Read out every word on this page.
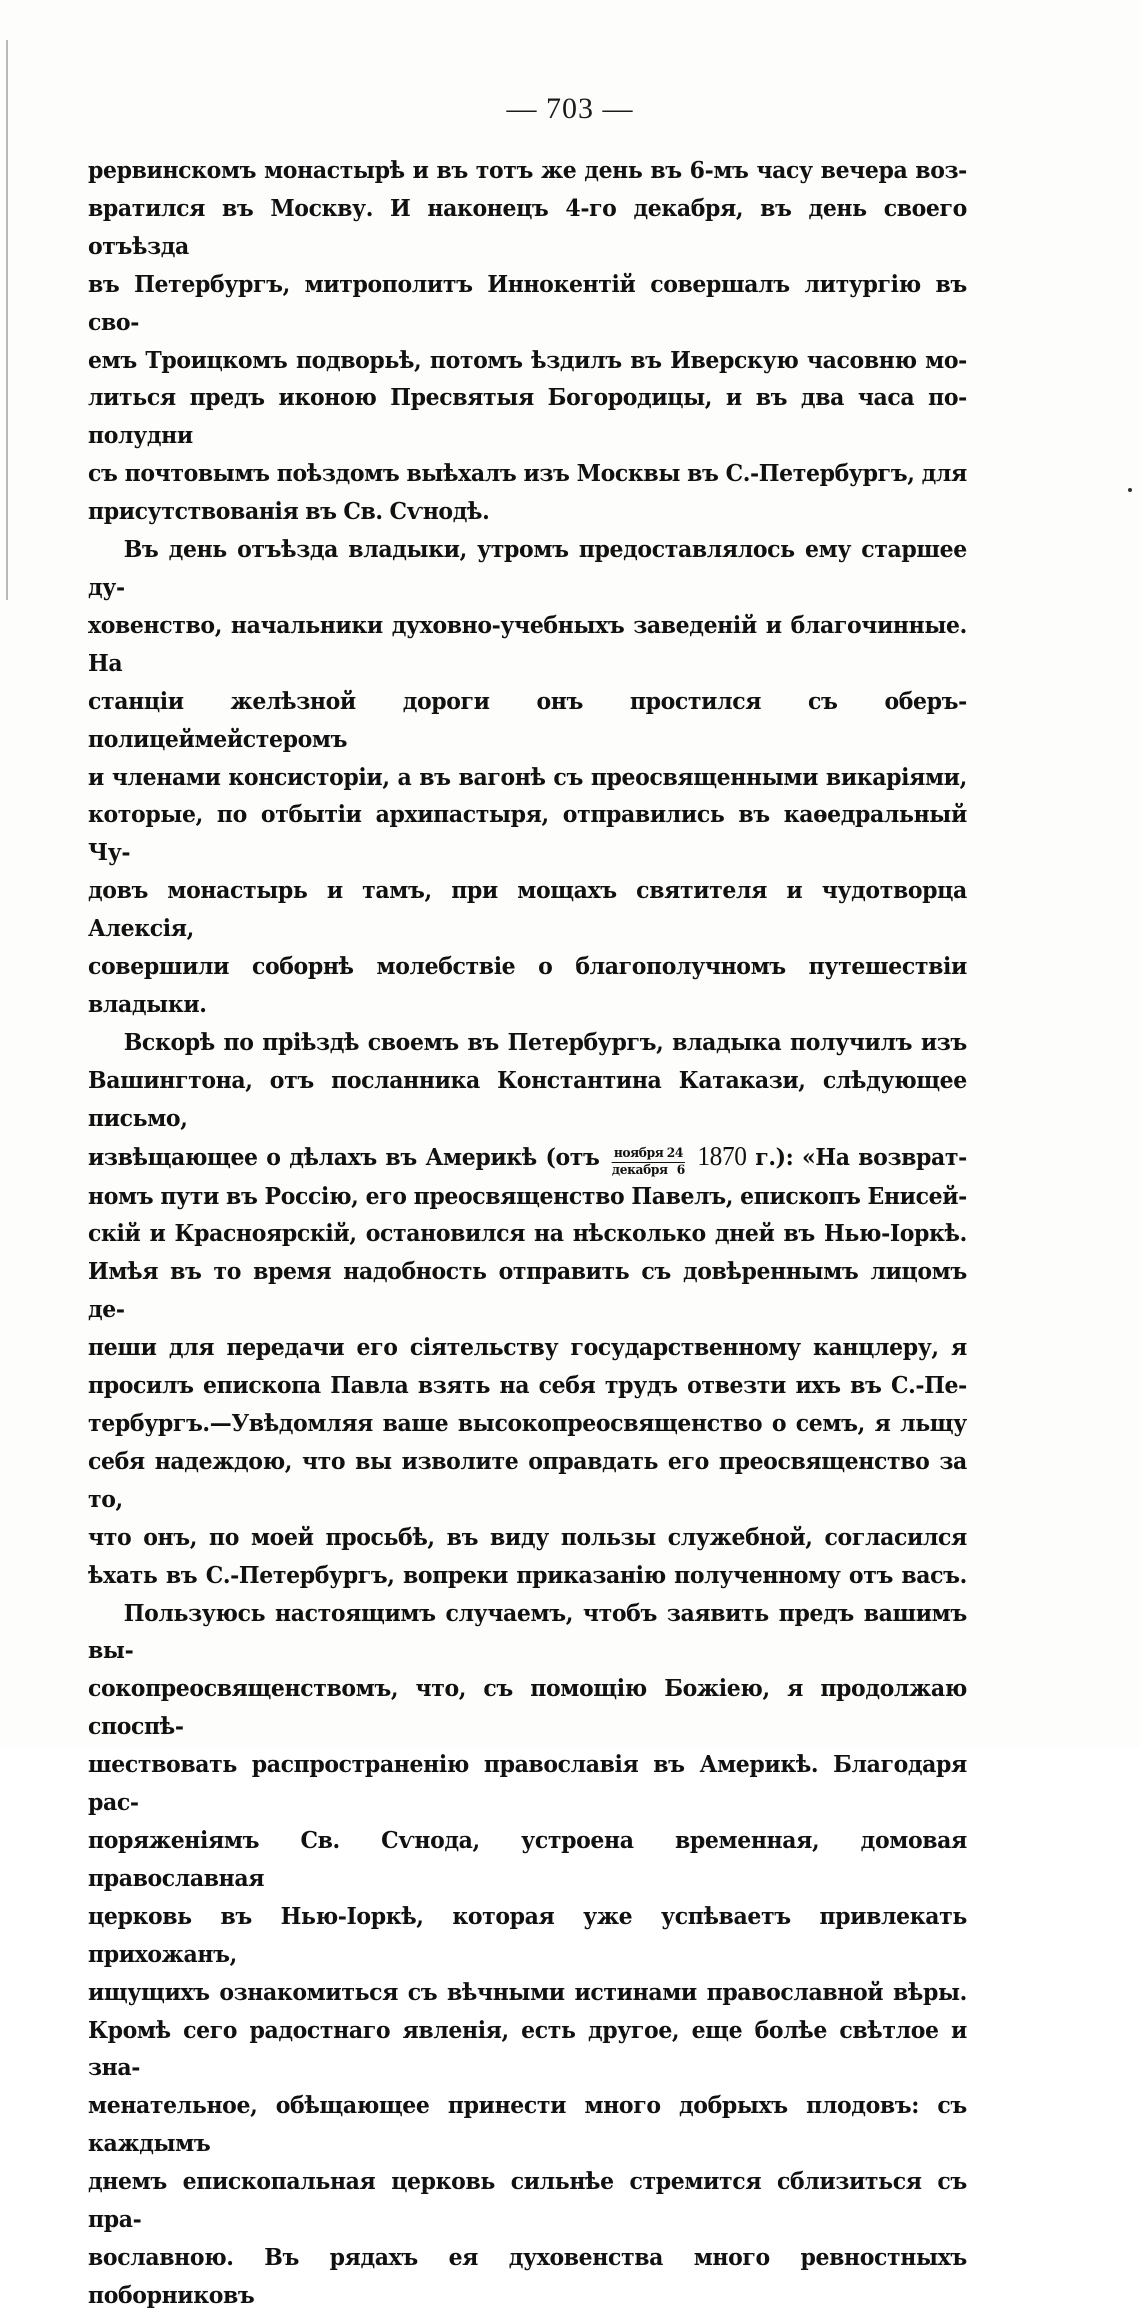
— 703 —

рервинскомъ монастырѣ и въ тотъ же день въ 6-мъ часу вечера воз-

вратился въ Москву. И наконецъ 4-го декабря, въ день своего отъѣзда

въ Петербургъ, митрополитъ Иннокентій совершалъ литургію въ сво-

емъ Троицкомъ подворьѣ, потомъ ѣздилъ въ Иверскую часовню мо-

литься предъ иконою Пресвятыя Богородицы, и въ два часа по-полудни

съ почтовымъ поѣздомъ выѣхалъ изъ Москвы въ С.-Петербургъ, для

присутствованія въ Св. Сѵнодѣ.

Въ день отъѣзда владыки, утромъ предоставлялось ему старшее ду-

ховенство, начальники духовно-учебныхъ заведеній и благочинные. На

станціи желѣзной дороги онъ простился съ оберъ-полицеймейстеромъ

и членами консисторіи, а въ вагонѣ съ преосвященными викаріями,

которые, по отбытіи архипастыря, отправились въ каѳедральный Чу-

довъ монастырь и тамъ, при мощахъ святителя и чудотворца Алексія,

совершили соборнѣ молебствіе о благополучномъ путешествіи владыки.

Вскорѣ по пріѣздѣ своемъ въ Петербургъ, владыка получилъ изъ

Вашингтона, отъ посланника Константина Катакази, слѣдующее письмо,

извѣщающее о дѣлахъ въ Америкѣ ($отъ \frac{\text{ноября 24}}{\text{декабря 6}} 1870$ г.): «На возврат-

номъ пути въ Россію, его преосвященство Павелъ, епископъ Енисей-

скій и Красноярскій, остановился на нѣсколько дней въ Нью-Іоркѣ.

Имѣя въ то время надобность отправить съ довѣреннымъ лицомъ де-

пеши для передачи его сіятельству государственному канцлеру, я

просилъ епископа Павла взять на себя трудъ отвезти ихъ въ С.-Пе-

тербургъ.—Увѣдомляя ваше высокопреосвященство о семъ, я льщу

себя надеждою, что вы изволите оправдать его преосвященство за то,

что онъ, по моей просьбѣ, въ виду пользы служебной, согласился

ѣхать въ С.-Петербургъ, вопреки приказанію полученному отъ васъ.

Пользуюсь настоящимъ случаемъ, чтобъ заявить предъ вашимъ вы-

сокопреосвященствомъ, что, съ помощію Божіею, я продолжаю споспѣ-

шествовать распространенію православія въ Америкѣ. Благодаря рас-

поряженіямъ Св. Сѵнода, устроена временная, домовая православная

церковь въ Нью-Іоркѣ, которая уже успѣваетъ привлекать прихожанъ,

ищущихъ ознакомиться съ вѣчными истинами православной вѣры.

Кромѣ сего радостнаго явленія, есть другое, еще болѣе свѣтлое и зна-

менательное, обѣщающее принести много добрыхъ плодовъ: съ каждымъ

днемъ епископальная церковь сильнѣе стремится сблизиться съ пра-

вославною. Въ рядахъ ея духовенства много ревностныхъ поборниковъ
